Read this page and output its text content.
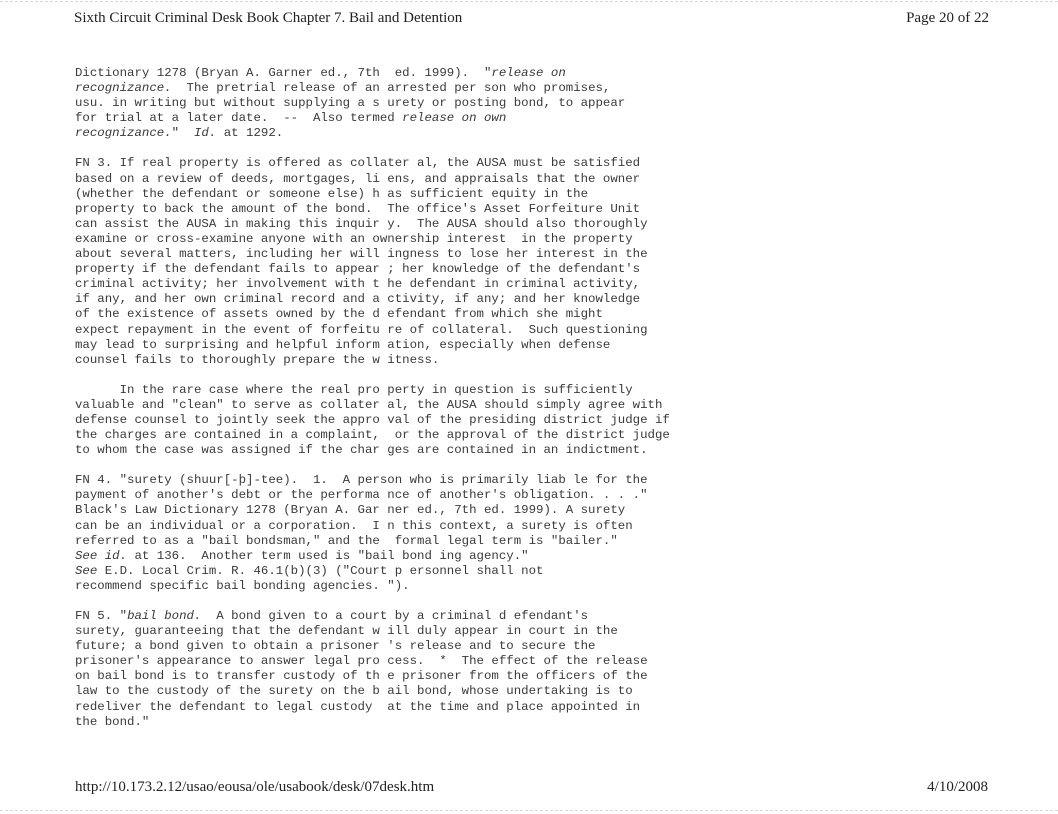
Sixth Circuit Criminal Desk Book Chapter 7. Bail and Detention	Page 20 of 22
Dictionary 1278 (Bryan A. Garner ed., 7th  ed. 1999).  "release on
recognizance.  The pretrial release of an arrested per son who promises,
usu. in writing but without supplying a s urety or posting bond, to appear
for trial at a later date.  --  Also termed release on own
recognizance."  Id. at 1292.
FN 3. If real property is offered as collater al, the AUSA must be satisfied
based on a review of deeds, mortgages, li ens, and appraisals that the owner
(whether the defendant or someone else) h as sufficient equity in the
property to back the amount of the bond.  The office's Asset Forfeiture Unit
can assist the AUSA in making this inquir y.  The AUSA should also thoroughly
examine or cross-examine anyone with an ownership interest  in the property
about several matters, including her will ingness to lose her interest in the
property if the defendant fails to appear ; her knowledge of the defendant's
criminal activity; her involvement with t he defendant in criminal activity,
if any, and her own criminal record and a ctivity, if any; and her knowledge
of the existence of assets owned by the d efendant from which she might
expect repayment in the event of forfeitu re of collateral.  Such questioning
may lead to surprising and helpful inform ation, especially when defense
counsel fails to thoroughly prepare the w itness.
In the rare case where the real pro perty in question is sufficiently
valuable and "clean" to serve as collater al, the AUSA should simply agree with
defense counsel to jointly seek the appro val of the presiding district judge if
the charges are contained in a complaint,  or the approval of the district judge
to whom the case was assigned if the char ges are contained in an indictment.
FN 4. "surety (shuur[-þ]-tee).  1.  A person who is primarily liab le for the
payment of another's debt or the performa nce of another's obligation. . . ."
Black's Law Dictionary 1278 (Bryan A. Gar ner ed., 7th ed. 1999). A surety
can be an individual or a corporation.  I n this context, a surety is often
referred to as a "bail bondsman," and the  formal legal term is "bailer."
See id. at 136.  Another term used is "bail bond ing agency."
See E.D. Local Crim. R. 46.1(b)(3) ("Court p ersonnel shall not
recommend specific bail bonding agencies. ").
FN 5. "bail bond.  A bond given to a court by a criminal d efendant's
surety, guaranteeing that the defendant w ill duly appear in court in the
future; a bond given to obtain a prisoner 's release and to secure the
prisoner's appearance to answer legal pro cess.  *  The effect of the release
on bail bond is to transfer custody of th e prisoner from the officers of the
law to the custody of the surety on the b ail bond, whose undertaking is to
redeliver the defendant to legal custody  at the time and place appointed in
the bond."
http://10.173.2.12/usao/eousa/ole/usabook/desk/07desk.htm	4/10/2008
